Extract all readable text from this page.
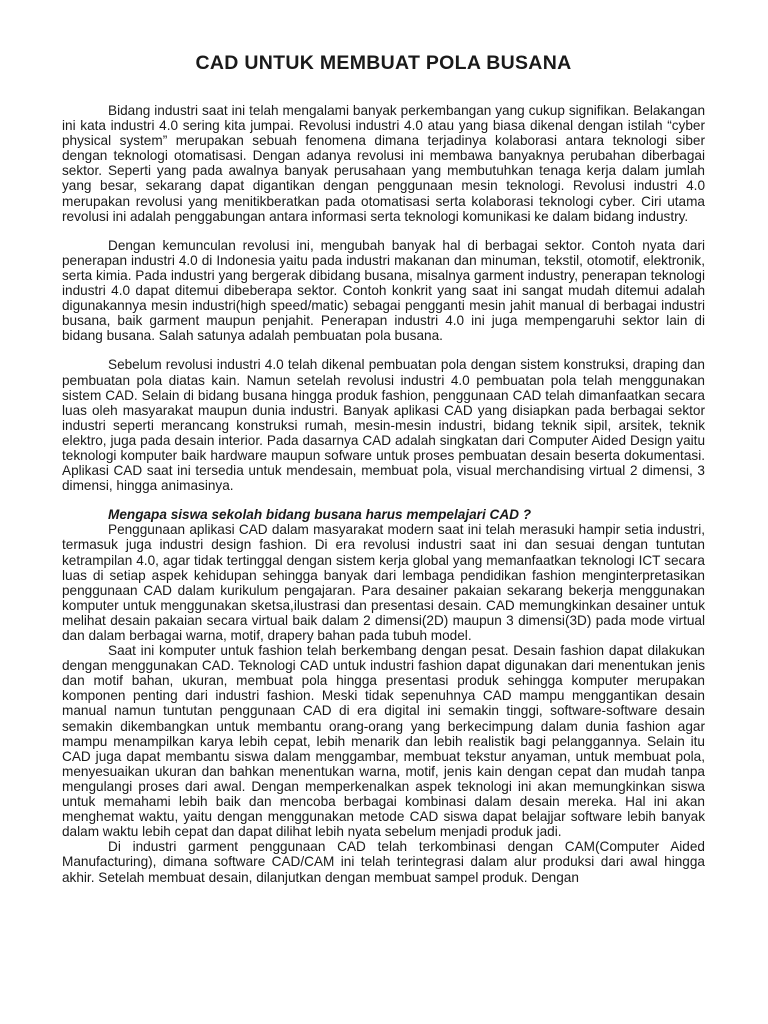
CAD UNTUK MEMBUAT POLA BUSANA

Bidang industri saat ini telah mengalami banyak perkembangan yang cukup signifikan. Belakangan ini kata industri 4.0 sering kita jumpai. Revolusi industri 4.0 atau yang biasa dikenal dengan istilah “cyber physical system” merupakan sebuah fenomena dimana terjadinya kolaborasi antara teknologi siber dengan teknologi otomatisasi. Dengan adanya revolusi ini membawa banyaknya perubahan diberbagai sektor. Seperti yang pada awalnya banyak perusahaan yang membutuhkan tenaga kerja dalam jumlah yang besar, sekarang dapat digantikan dengan penggunaan mesin teknologi. Revolusi industri 4.0 merupakan revolusi yang menitikberatkan pada otomatisasi serta kolaborasi teknologi cyber. Ciri utama revolusi ini adalah penggabungan antara informasi serta teknologi komunikasi ke dalam bidang industry.

Dengan kemunculan revolusi ini, mengubah banyak hal di berbagai sektor. Contoh nyata dari penerapan industri 4.0 di Indonesia yaitu pada industri makanan dan minuman, tekstil, otomotif, elektronik, serta kimia. Pada industri yang bergerak dibidang busana, misalnya garment industry, penerapan teknologi industri 4.0 dapat ditemui dibeberapa sektor. Contoh konkrit yang saat ini sangat mudah ditemui adalah digunakannya mesin industri(high speed/matic) sebagai pengganti mesin jahit manual di berbagai industri busana, baik garment maupun penjahit. Penerapan industri 4.0 ini juga mempengaruhi sektor lain di bidang busana. Salah satunya adalah pembuatan pola busana.

Sebelum revolusi industri 4.0 telah dikenal pembuatan pola dengan sistem konstruksi, draping dan pembuatan pola diatas kain. Namun setelah revolusi industri 4.0 pembuatan pola telah menggunakan sistem CAD. Selain di bidang busana hingga produk fashion, penggunaan CAD telah dimanfaatkan secara luas oleh masyarakat maupun dunia industri. Banyak aplikasi CAD yang disiapkan pada berbagai sektor industri seperti merancang konstruksi rumah, mesin-mesin industri, bidang teknik sipil, arsitek, teknik elektro, juga pada desain interior. Pada dasarnya CAD adalah singkatan dari Computer Aided Design yaitu teknologi komputer baik hardware maupun sofware untuk proses pembuatan desain beserta dokumentasi. Aplikasi CAD saat ini tersedia untuk mendesain, membuat pola, visual merchandising virtual 2 dimensi, 3 dimensi, hingga animasinya.

Mengapa siswa sekolah bidang busana harus mempelajari CAD ?

Penggunaan aplikasi CAD dalam masyarakat modern saat ini telah merasuki hampir setia industri, termasuk juga industri design fashion. Di era revolusi industri saat ini dan sesuai dengan tuntutan ketrampilan 4.0, agar tidak tertinggal dengan sistem kerja global yang memanfaatkan teknologi ICT secara luas di setiap aspek kehidupan sehingga banyak dari lembaga pendidikan fashion menginterpretasikan penggunaan CAD dalam kurikulum pengajaran. Para desainer pakaian sekarang bekerja menggunakan komputer untuk menggunakan sketsa,ilustrasi dan presentasi desain. CAD memungkinkan desainer untuk melihat desain pakaian secara virtual baik dalam 2 dimensi(2D) maupun 3 dimensi(3D) pada mode virtual dan dalam berbagai warna, motif, drapery bahan pada tubuh model.

Saat ini komputer untuk fashion telah berkembang dengan pesat. Desain fashion dapat dilakukan dengan menggunakan CAD. Teknologi CAD untuk industri fashion dapat digunakan dari menentukan jenis dan motif bahan, ukuran, membuat pola hingga presentasi produk sehingga komputer merupakan komponen penting dari industri fashion. Meski tidak sepenuhnya CAD mampu menggantikan desain manual namun tuntutan penggunaan CAD di era digital ini semakin tinggi, software-software desain semakin dikembangkan untuk membantu orang-orang yang berkecimpung dalam dunia fashion agar mampu menampilkan karya lebih cepat, lebih menarik dan lebih realistik bagi pelanggannya. Selain itu CAD juga dapat membantu siswa dalam menggambar, membuat tekstur anyaman, untuk membuat pola, menyesuaikan ukuran dan bahkan menentukan warna, motif, jenis kain dengan cepat dan mudah tanpa mengulangi proses dari awal. Dengan memperkenalkan aspek teknologi ini akan memungkinkan siswa untuk memahami lebih baik dan mencoba berbagai kombinasi dalam desain mereka. Hal ini akan menghemat waktu, yaitu dengan menggunakan metode CAD siswa dapat belajjar software lebih banyak dalam waktu lebih cepat dan dapat dilihat lebih nyata sebelum menjadi produk jadi.

Di industri garment penggunaan CAD telah terkombinasi dengan CAM(Computer Aided Manufacturing), dimana software CAD/CAM ini telah terintegrasi dalam alur produksi dari awal hingga akhir. Setelah membuat desain, dilanjutkan dengan membuat sampel produk. Dengan
